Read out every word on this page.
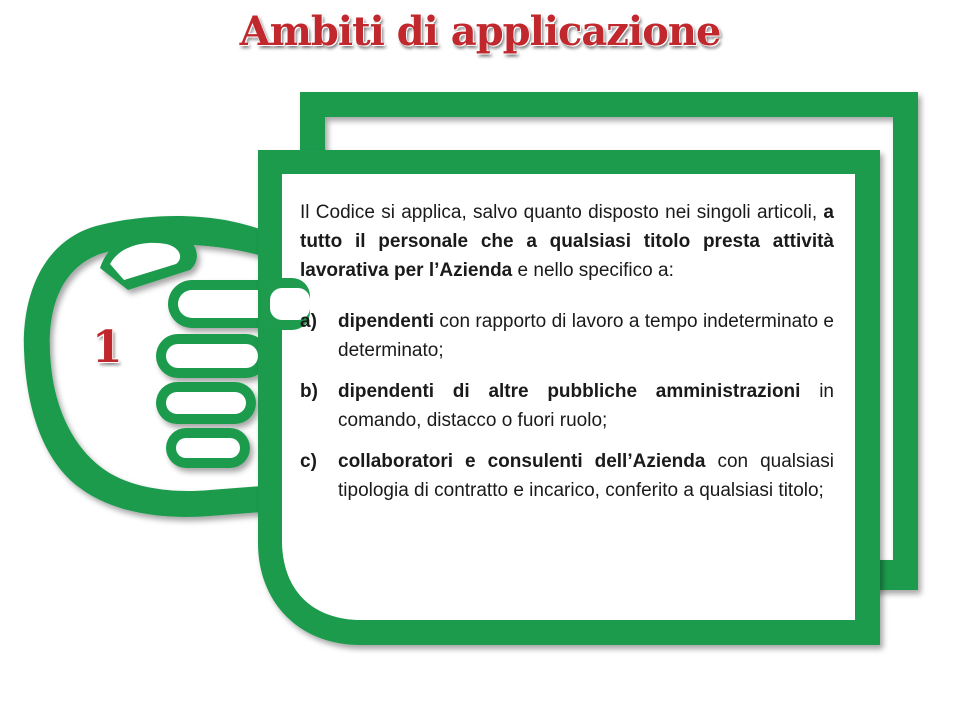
Ambiti di applicazione
1

Il Codice si applica, salvo quanto disposto nei singoli articoli, a tutto il personale che a qualsiasi titolo presta attività lavorativa per l’Azienda e nello specifico a:

a) dipendenti con rapporto di lavoro a tempo indeterminato e determinato;
b) dipendenti di altre pubbliche amministrazioni in comando, distacco o fuori ruolo;
c) collaboratori e consulenti dell’Azienda con qualsiasi tipologia di contratto e incarico, conferito a qualsiasi titolo;
